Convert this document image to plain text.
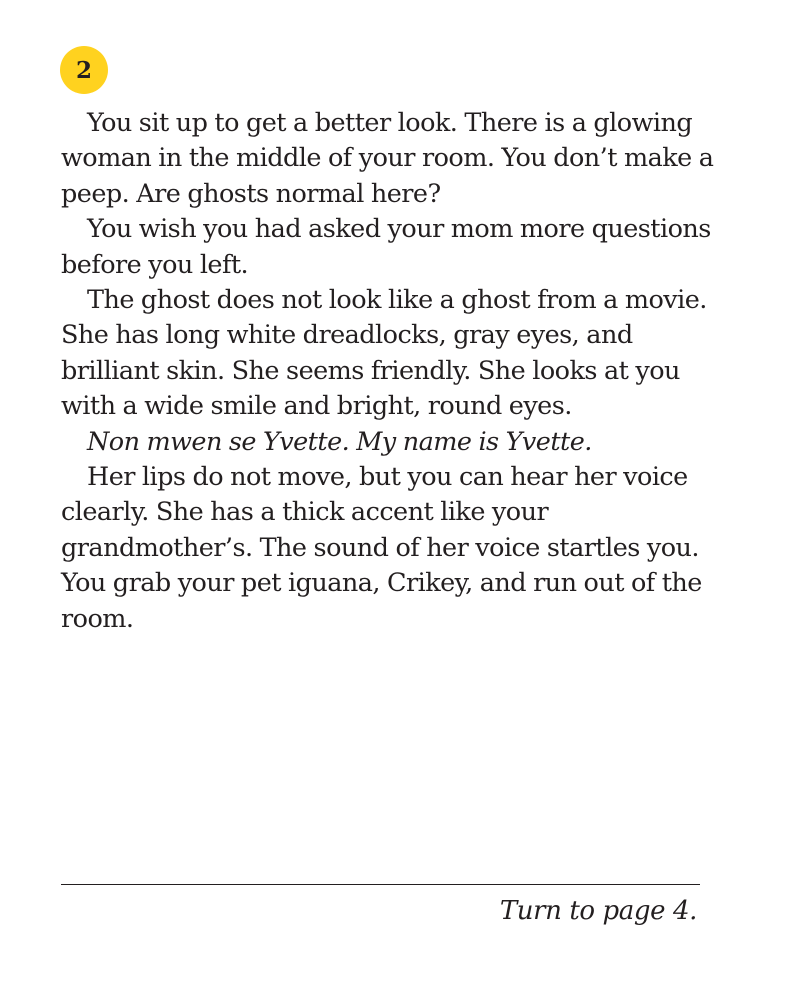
2

You sit up to get a better look. There is a glowing woman in the middle of your room. You don’t make a peep. Are ghosts normal here?

You wish you had asked your mom more questions before you left.

The ghost does not look like a ghost from a movie. She has long white dreadlocks, gray eyes, and brilliant skin. She seems friendly. She looks at you with a wide smile and bright, round eyes.

Non mwen se Yvette. My name is Yvette.

Her lips do not move, but you can hear her voice clearly. She has a thick accent like your grandmother’s. The sound of her voice startles you. You grab your pet iguana, Crikey, and run out of the room.

Turn to page 4.
